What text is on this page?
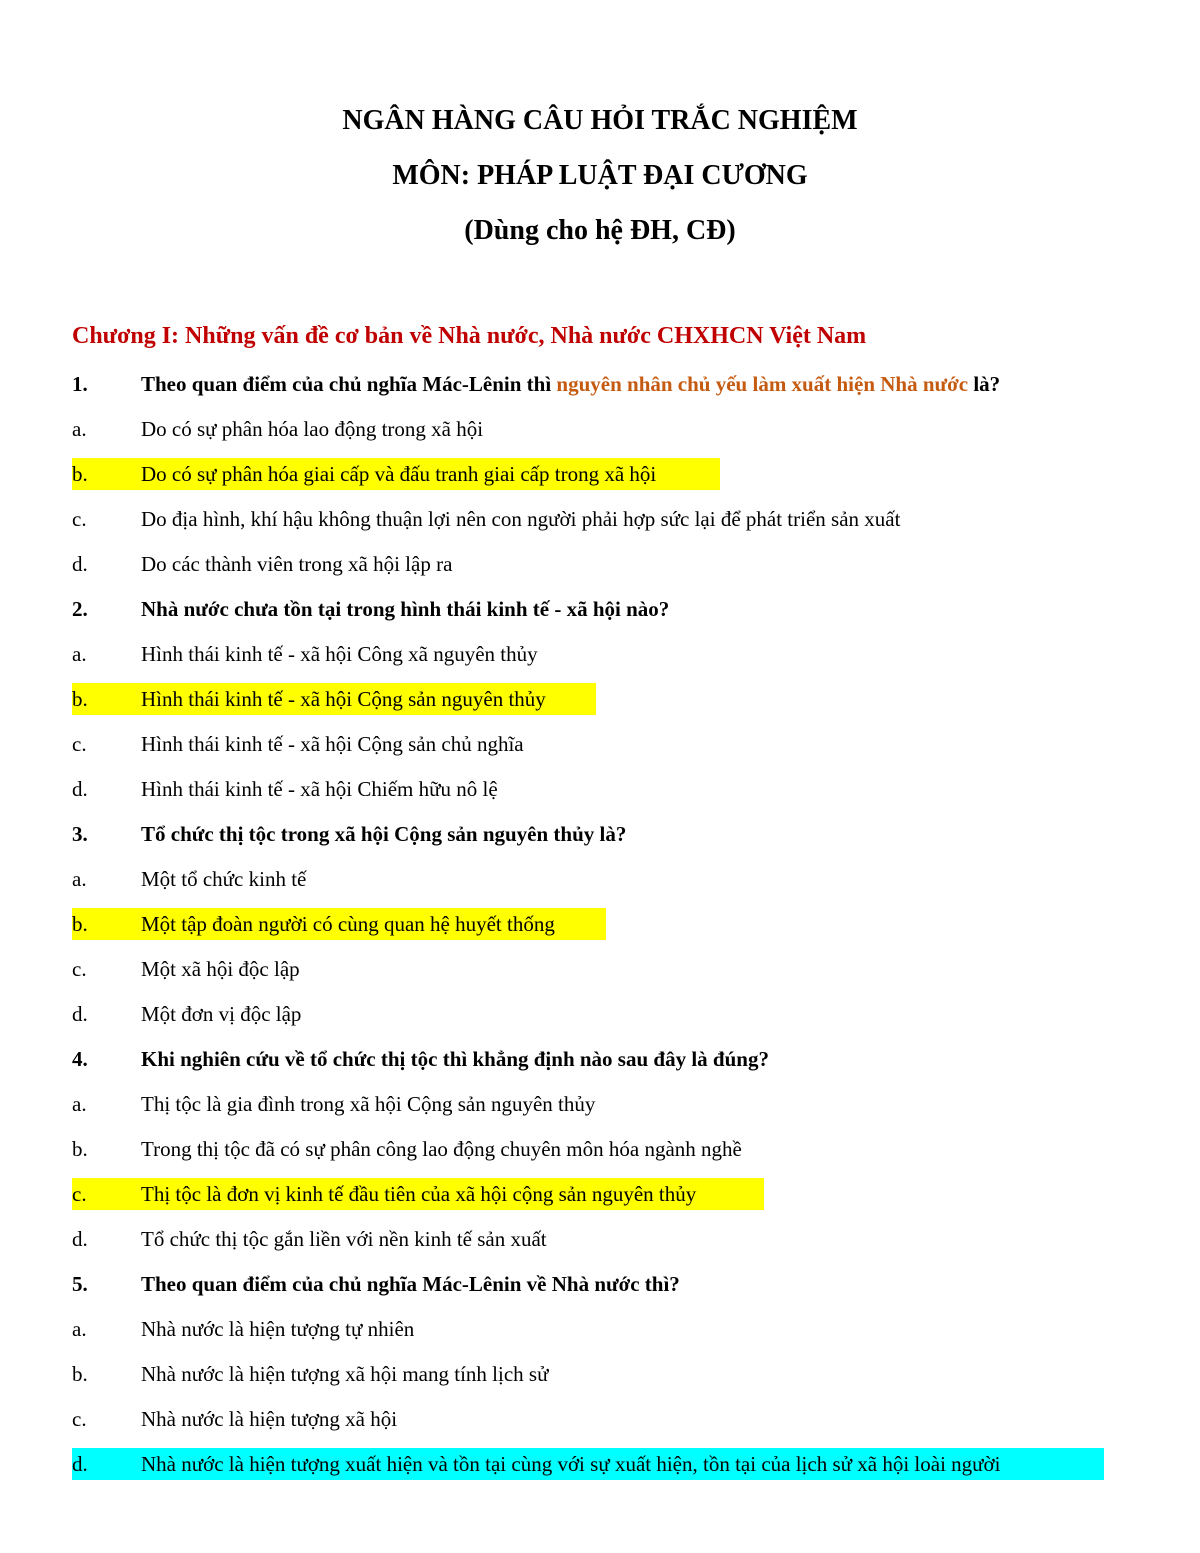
NGÂN HÀNG CÂU HỎI TRẮC NGHIỆM
MÔN: PHÁP LUẬT ĐẠI CƯƠNG
(Dùng cho hệ ĐH, CĐ)
Chương I: Những vấn đề cơ bản về Nhà nước, Nhà nước CHXHCN Việt Nam
1.	Theo quan điểm của chủ nghĩa Mác-Lênin thì nguyên nhân chủ yếu làm xuất hiện Nhà nước là?
a.	Do có sự phân hóa lao động trong xã hội
b.	Do có sự phân hóa giai cấp và đấu tranh giai cấp trong xã hội
c.	Do địa hình, khí hậu không thuận lợi nên con người phải hợp sức lại để phát triển sản xuất
d.	Do các thành viên trong xã hội lập ra
2.	Nhà nước chưa tồn tại trong hình thái kinh tế - xã hội nào?
a.	Hình thái kinh tế - xã hội Công xã nguyên thủy
b.	Hình thái kinh tế - xã hội Cộng sản nguyên thủy
c.	Hình thái kinh tế - xã hội Cộng sản chủ nghĩa
d.	Hình thái kinh tế - xã hội Chiếm hữu nô lệ
3.	Tổ chức thị tộc trong xã hội Cộng sản nguyên thủy là?
a.	Một tổ chức kinh tế
b.	Một tập đoàn người có cùng quan hệ huyết thống
c.	Một xã hội độc lập
d.	Một đơn vị độc lập
4.	Khi nghiên cứu về tổ chức thị tộc thì khẳng định nào sau đây là đúng?
a.	Thị tộc là gia đình trong xã hội Cộng sản nguyên thủy
b.	Trong thị tộc đã có sự phân công lao động chuyên môn hóa ngành nghề
c.	Thị tộc là đơn vị kinh tế đầu tiên của xã hội cộng sản nguyên thủy
d.	Tổ chức thị tộc gắn liền với nền kinh tế sản xuất
5.	Theo quan điểm của chủ nghĩa Mác-Lênin về Nhà nước thì?
a.	Nhà nước là hiện tượng tự nhiên
b.	Nhà nước là hiện tượng xã hội mang tính lịch sử
c.	Nhà nước là hiện tượng xã hội
d.	Nhà nước là hiện tượng xuất hiện và tồn tại cùng với sự xuất hiện, tồn tại của lịch sử xã hội loài người
